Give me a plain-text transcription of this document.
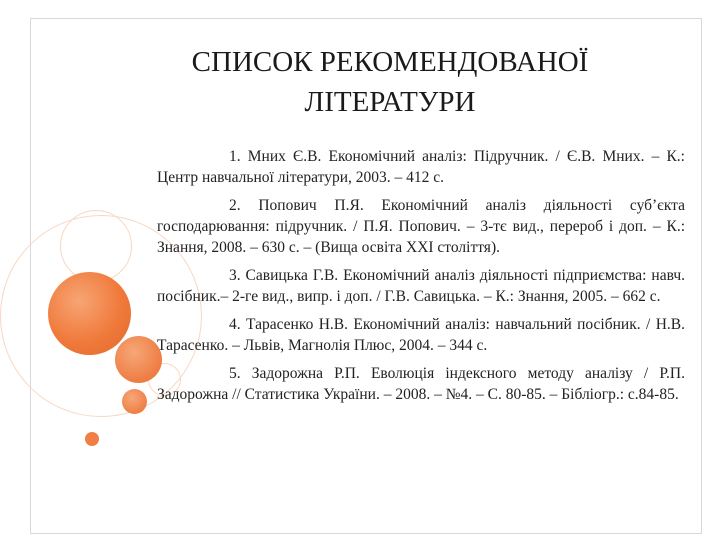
СПИСОК РЕКОМЕНДОВАНОЇ
ЛІТЕРАТУРИ
1. Мних Є.В. Економічний аналіз: Підручник. / Є.В. Мних. – К.: Центр навчальної літератури, 2003. – 412 с.
2. Попович П.Я. Економічний аналіз діяльності суб’єкта господарювання: підручник. / П.Я. Попович. – 3-тє вид., перероб і доп. – К.: Знання, 2008. – 630 с. – (Вища освіта XXI століття).
3. Савицька Г.В. Економічний аналіз діяльності підприємства: навч. посібник.– 2-ге вид., випр. і доп. / Г.В. Савицька. – К.: Знання, 2005. – 662 с.
4. Тарасенко Н.В. Економічний аналіз: навчальний посібник. / Н.В. Тарасенко. – Львів, Магнолія Плюс, 2004. – 344 с.
5. Задорожна Р.П. Еволюція індексного методу аналізу / Р.П. Задорожна // Статистика України. – 2008. – №4. – С. 80-85. – Бібліогр.: с.84-85.
